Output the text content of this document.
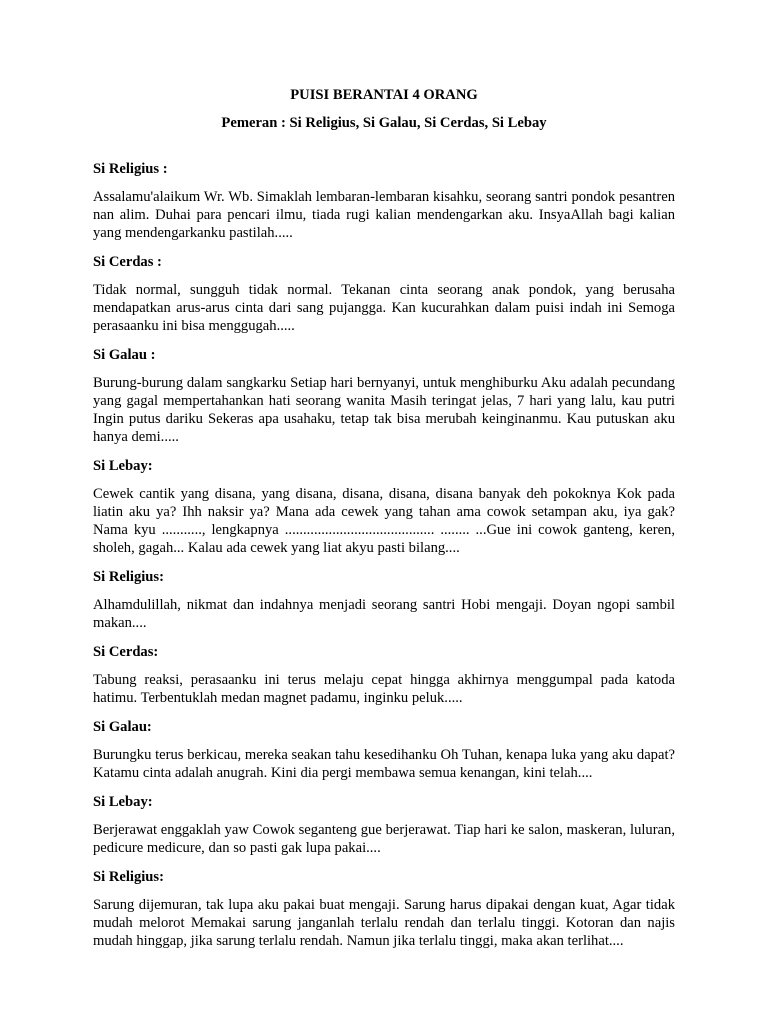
PUISI BERANTAI 4 ORANG
Pemeran : Si Religius, Si Galau, Si Cerdas, Si Lebay
Si Religius :
Assalamu'alaikum Wr. Wb. Simaklah lembaran-lembaran kisahku, seorang santri pondok pesantren nan alim. Duhai para pencari ilmu, tiada rugi kalian mendengarkan aku. InsyaAllah bagi kalian yang mendengarkanku pastilah.....
Si Cerdas :
Tidak normal, sungguh tidak normal. Tekanan cinta seorang anak pondok, yang berusaha mendapatkan arus-arus cinta dari sang pujangga. Kan kucurahkan dalam puisi indah ini Semoga perasaanku ini bisa menggugah.....
Si Galau :
Burung-burung dalam sangkarku Setiap hari bernyanyi, untuk menghiburku Aku adalah pecundang yang gagal mempertahankan hati seorang wanita Masih teringat jelas, 7 hari yang lalu, kau putri Ingin putus dariku Sekeras apa usahaku, tetap tak bisa merubah keinginanmu. Kau putuskan aku hanya demi.....
Si Lebay:
Cewek cantik yang disana, yang disana, disana, disana, disana banyak deh pokoknya Kok pada liatin aku ya? Ihh naksir ya? Mana ada cewek yang tahan ama cowok setampan aku, iya gak? Nama kyu ..........., lengkapnya ......................................... ........ ...Gue ini cowok ganteng, keren, sholeh, gagah... Kalau ada cewek yang liat akyu pasti bilang....
Si Religius:
Alhamdulillah, nikmat dan indahnya menjadi seorang santri Hobi mengaji. Doyan ngopi sambil makan....
Si Cerdas:
Tabung reaksi, perasaanku ini terus melaju cepat hingga akhirnya menggumpal pada katoda hatimu. Terbentuklah medan magnet padamu, inginku peluk.....
Si Galau:
Burungku terus berkicau, mereka seakan tahu kesedihanku Oh Tuhan, kenapa luka yang aku dapat? Katamu cinta adalah anugrah. Kini dia pergi membawa semua kenangan, kini telah....
Si Lebay:
Berjerawat enggaklah yaw Cowok seganteng gue berjerawat. Tiap hari ke salon, maskeran, luluran, pedicure medicure, dan so pasti gak lupa pakai....
Si Religius:
Sarung dijemuran, tak lupa aku pakai buat mengaji. Sarung harus dipakai dengan kuat, Agar tidak mudah melorot Memakai sarung janganlah terlalu rendah dan terlalu tinggi. Kotoran dan najis mudah hinggap, jika sarung terlalu rendah. Namun jika terlalu tinggi, maka akan terlihat....
